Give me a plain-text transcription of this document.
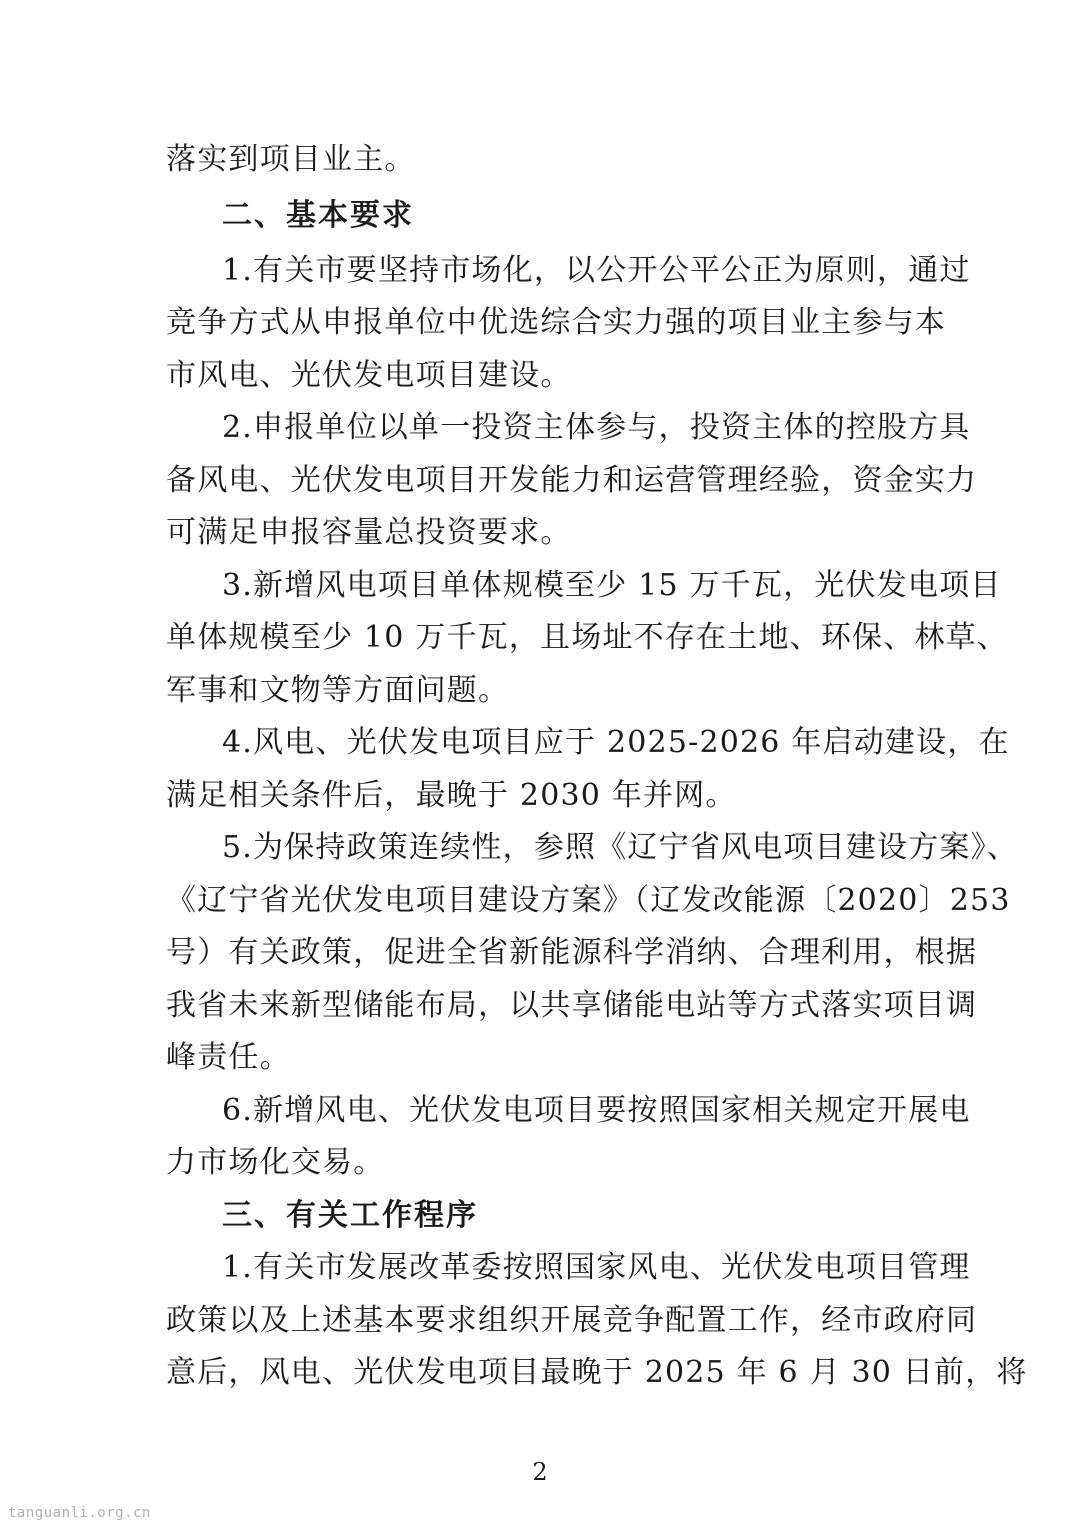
落实到项目业主。
二、基本要求
1.有关市要坚持市场化，以公开公平公正为原则，通过
竞争方式从申报单位中优选综合实力强的项目业主参与本
市风电、光伏发电项目建设。
2.申报单位以单一投资主体参与，投资主体的控股方具
备风电、光伏发电项目开发能力和运营管理经验，资金实力
可满足申报容量总投资要求。
3.新增风电项目单体规模至少 15 万千瓦，光伏发电项目
单体规模至少 10 万千瓦，且场址不存在土地、环保、林草、
军事和文物等方面问题。
4.风电、光伏发电项目应于 2025-2026 年启动建设，在
满足相关条件后，最晚于 2030 年并网。
5.为保持政策连续性，参照《辽宁省风电项目建设方案》、
《辽宁省光伏发电项目建设方案》（辽发改能源〔2020〕253
号）有关政策，促进全省新能源科学消纳、合理利用，根据
我省未来新型储能布局，以共享储能电站等方式落实项目调
峰责任。
6.新增风电、光伏发电项目要按照国家相关规定开展电
力市场化交易。
三、有关工作程序
1.有关市发展改革委按照国家风电、光伏发电项目管理
政策以及上述基本要求组织开展竞争配置工作，经市政府同
意后，风电、光伏发电项目最晚于 2025 年 6 月 30 日前，将
2
tanguanli.org.cn
